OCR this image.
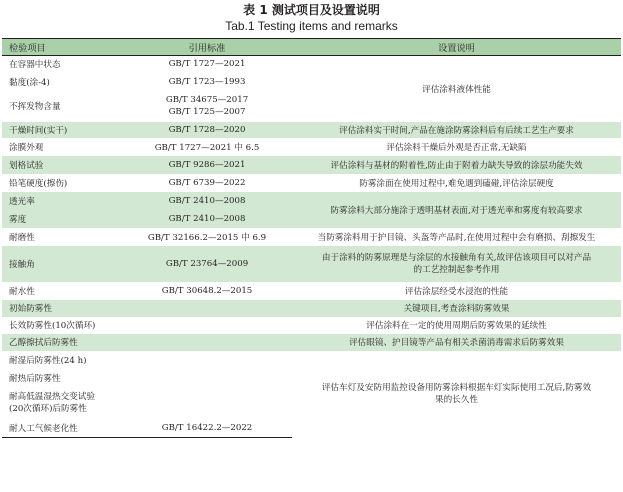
表 1 测试项目及设置说明
Tab.1 Testing items and remarks
检验项目	引用标准	设置说明
在容器中状态	GB/T 1727—2021	评估涂料液体性能
黏度(涂-4)	GB/T 1723—1993	
不挥发物含量	GB/T 34675—2017
GB/T 1725—2007	

干燥时间(实干)	GB/T 1728—2020	评估涂料实干时间,产品在施涂防雾涂料后有后续工艺生产要求
涂膜外观	GB/T 1727—2021 中 6.5	评估涂料干燥后外观是否正常,无缺陷
划格试验	GB/T 9286—2021	评估涂料与基材的附着性,防止由于附着力缺失导致的涂层功能失效
铅笔硬度(擦伤)	GB/T 6739—2022	防雾涂面在使用过程中,难免遇到磕碰,评估涂层硬度
透光率	GB/T 2410—2008	防雾涂料大部分施涂于透明基材表面,对于透光率和雾度有较高要求
雾度	GB/T 2410—2008	
耐磨性	GB/T 32166.2—2015 中 6.9	当防雾涂料用于护目镜、头盔等产品时,在使用过程中会有磨损、刮擦发生
接触角	GB/T 23764—2009	由于涂料的防雾原理是与涂层的水接触角有关,故评估该项目可以对产品
的工艺控制起参考作用

耐水性	GB/T 30648.2—2015	评估涂层经受水浸泡的性能
初始防雾性		关键项目,考查涂料防雾效果
长效防雾性(10次循环)		评估涂料在一定的使用周期后防雾效果的延续性
乙醇擦拭后防雾性		评估眼镜、护目镜等产品有相关杀菌消毒需求后防雾效果
耐湿后防雾性(24 h)		评估车灯及安防用监控设备用防雾涂料根据车灯实际使用工况后,防雾效
果的长久性

耐热后防雾性		

耐高低温湿热交变试验
(20次循环)后防雾性		

耐人工气候老化性	GB/T 16422.2—2022	
